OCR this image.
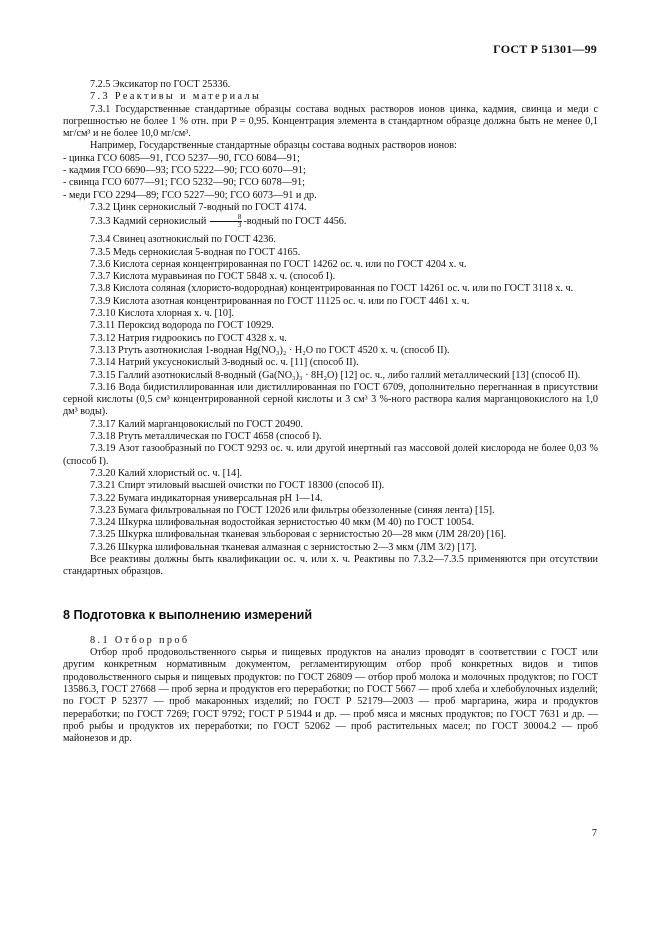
ГОСТ Р 51301—99

7.2.5 Эксикатор по ГОСТ 25336.

7.3 Реактивы и материалы

7.3.1 Государственные стандартные образцы состава водных растворов ионов цинка, кадмия, свинца и меди с погрешностью не более 1 % отн. при P = 0,95. Концентрация элемента в стандартном образце должна быть не менее 0,1 мг/см³ и не более 10,0 мг/см³.

Например, Государственные стандартные образцы состава водных растворов ионов:

- цинка ГСО 6085—91, ГСО 5237—90, ГСО 6084—91;

- кадмия ГСО 6690—93; ГСО 5222—90; ГСО 6070—91;

- свинца ГСО 6077—91; ГСО 5232—90; ГСО 6078—91;

- меди ГСО 2294—89; ГСО 5227—90; ГСО 6073—91 и др.

7.3.2 Цинк сернокислый 7-водный по ГОСТ 4174.

7.3.3 Кадмий сернокислый $\frac{8}{3}$ -водный по ГОСТ 4456.

7.3.4 Свинец азотнокислый по ГОСТ 4236.

7.3.5 Медь сернокислая 5-водная по ГОСТ 4165.

7.3.6 Кислота серная концентрированная по ГОСТ 14262 ос. ч. или по ГОСТ 4204 х. ч.

7.3.7 Кислота муравьиная по ГОСТ 5848 х. ч. (способ I).

7.3.8 Кислота соляная (хлористо-водородная) концентрированная по ГОСТ 14261 ос. ч. или по ГОСТ 3118 х. ч.

7.3.9 Кислота азотная концентрированная по ГОСТ 11125 ос. ч. или по ГОСТ 4461 х. ч.

7.3.10 Кислота хлорная х. ч. [10].

7.3.11 Пероксид водорода по ГОСТ 10929.

7.3.12 Натрия гидроокись по ГОСТ 4328 х. ч.

7.3.13 Ртуть азотнокислая 1-водная Hg(NO₃)₂ · H₂O по ГОСТ 4520 х. ч. (способ II).

7.3.14 Натрий уксуснокислый 3-водный ос. ч. [11] (способ II).

7.3.15 Галлий азотнокислый 8-водный (Ga(NO₃)₃ · 8H₂O) [12] ос. ч., либо галлий металлический [13] (способ II).

7.3.16 Вода бидистиллированная или дистиллированная по ГОСТ 6709, дополнительно перегнанная в присутствии серной кислоты (0,5 см³ концентрированной серной кислоты и 3 см³ 3 %-ного раствора калия марганцовокислого на 1,0 дм³ воды).

7.3.17 Калий марганцовокислый по ГОСТ 20490.

7.3.18 Ртуть металлическая по ГОСТ 4658 (способ I).

7.3.19 Азот газообразный по ГОСТ 9293 ос. ч. или другой инертный газ массовой долей кислорода не более 0,03 % (способ I).

7.3.20 Калий хлористый ос. ч. [14].

7.3.21 Спирт этиловый высшей очистки по ГОСТ 18300 (способ II).

7.3.22 Бумага индикаторная универсальная pH 1—14.

7.3.23 Бумага фильтровальная по ГОСТ 12026 или фильтры обеззоленные (синяя лента) [15].

7.3.24 Шкурка шлифовальная водостойкая зернистостью 40 мкм (М 40) по ГОСТ 10054.

7.3.25 Шкурка шлифовальная тканевая эльборовая с зернистостью 20—28 мкм (ЛМ 28/20) [16].

7.3.26 Шкурка шлифовальная тканевая алмазная с зернистостью 2—3 мкм (ЛМ 3/2) [17].

Все реактивы должны быть квалификации ос. ч. или х. ч. Реактивы по 7.3.2—7.3.5 применяются при отсутствии стандартных образцов.

8 Подготовка к выполнению измерений

8.1 Отбор проб

Отбор проб продовольственного сырья и пищевых продуктов на анализ проводят в соответствии с ГОСТ или другим конкретным нормативным документом, регламентирующим отбор проб конкретных видов и типов продовольственного сырья и пищевых продуктов: по ГОСТ 26809 — отбор проб молока и молочных продуктов; по ГОСТ 13586.3, ГОСТ 27668 — проб зерна и продуктов его переработки; по ГОСТ 5667 — проб хлеба и хлебобулочных изделий; по ГОСТ Р 52377 — проб макаронных изделий; по ГОСТ Р 52179—2003 — проб маргарина, жира и продуктов переработки; по ГОСТ 7269; ГОСТ 9792; ГОСТ Р 51944 и др. — проб мяса и мясных продуктов; по ГОСТ 7631 и др. — проб рыбы и продуктов их переработки; по ГОСТ 52062 — проб растительных масел; по ГОСТ 30004.2 — проб майонезов и др.

7
